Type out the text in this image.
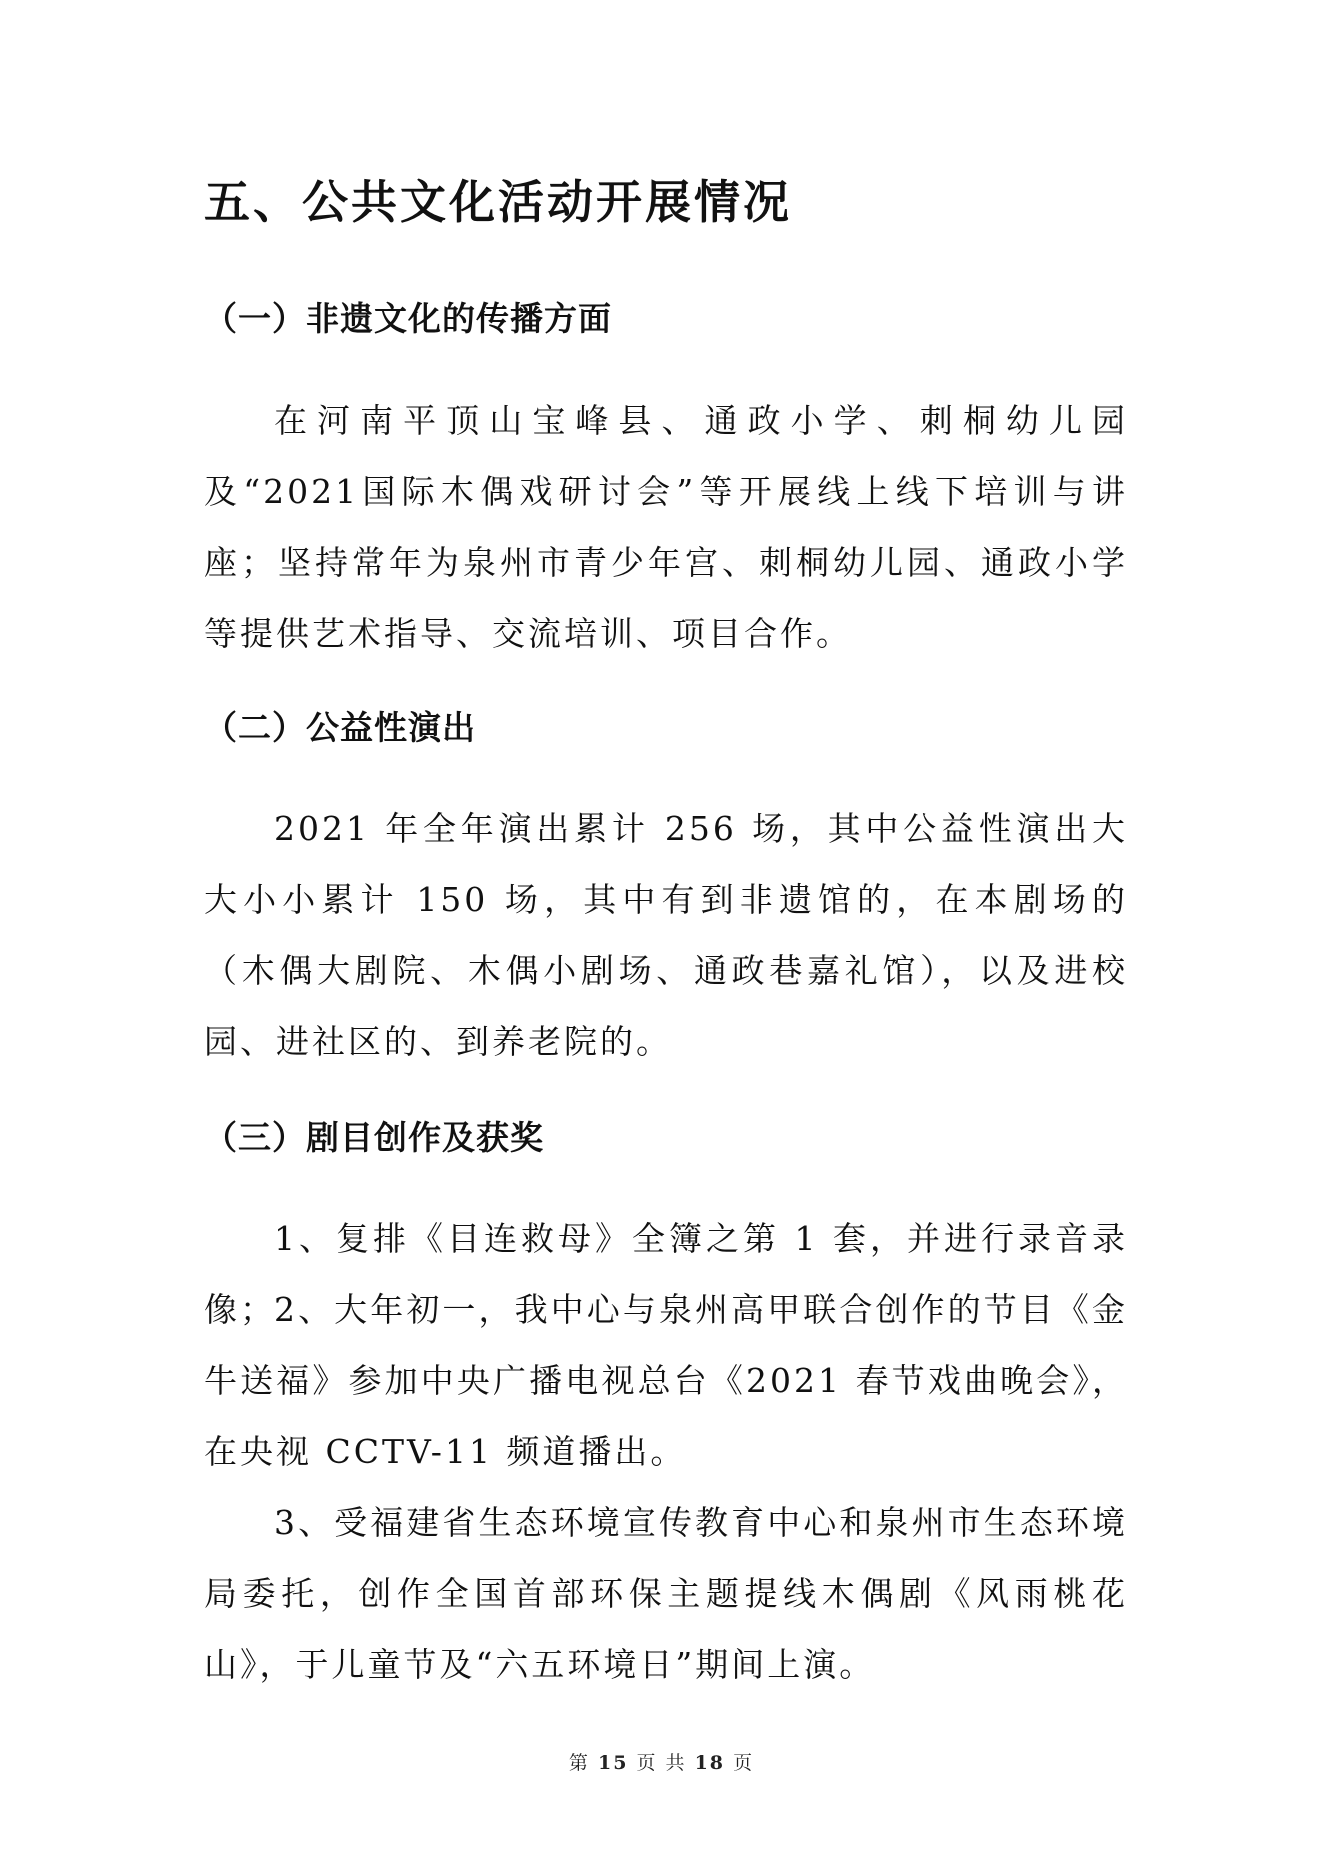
五、公共文化活动开展情况
（一）非遗文化的传播方面

在河南平顶山宝峰县、通政小学、刺桐幼儿园及“2021国际木偶戏研讨会”等开展线上线下培训与讲座；坚持常年为泉州市青少年宫、刺桐幼儿园、通政小学等提供艺术指导、交流培训、项目合作。

（二）公益性演出

2021 年全年演出累计 256 场，其中公益性演出大大小小累计 150 场，其中有到非遗馆的，在本剧场的（木偶大剧院、木偶小剧场、通政巷嘉礼馆），以及进校园、进社区的、到养老院的。

（三）剧目创作及获奖

1、复排《目连救母》全簿之第 1 套，并进行录音录像；

2、大年初一，我中心与泉州高甲联合创作的节目《金牛送福》参加中央广播电视总台《2021 春节戏曲晚会》，在央视 CCTV-11 频道播出。

3、受福建省生态环境宣传教育中心和泉州市生态环境局委托，创作全国首部环保主题提线木偶剧《风雨桃花山》，于儿童节及“六五环境日”期间上演。

第 15 页 共 18 页
